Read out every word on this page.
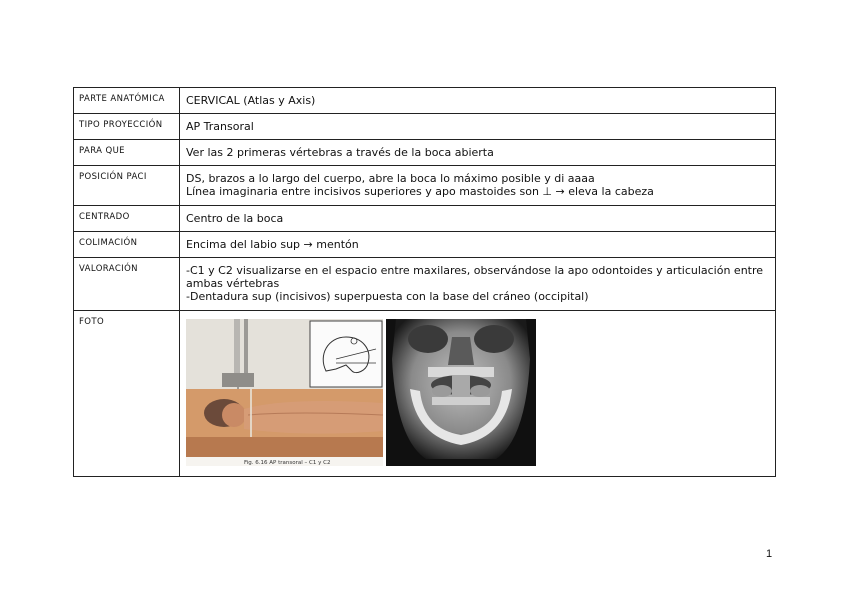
PARTE ANATÓMICA	CERVICAL (Atlas y Axis)

TIPO PROYECCIÓN	AP Transoral

PARA QUE	Ver las 2 primeras vértebras a través de la boca abierta

POSICIÓN PACI	DS, brazos a lo largo del cuerpo, abre la boca lo máximo posible y di aaaa
Línea imaginaria entre incisivos superiores y apo mastoides son ⊥ → eleva la cabeza

CENTRADO	Centro de la boca

COLIMACIÓN	Encima del labio sup → mentón

VALORACIÓN	-C1 y C2 visualizarse en el espacio entre maxilares, observándose la apo odontoides y articulación entre ambas vértebras
-Dentadura sup (incisivos) superpuesta con la base del cráneo (occipital)

FOTO	Fig. 6.16 AP transoral – C1 y C2
1
